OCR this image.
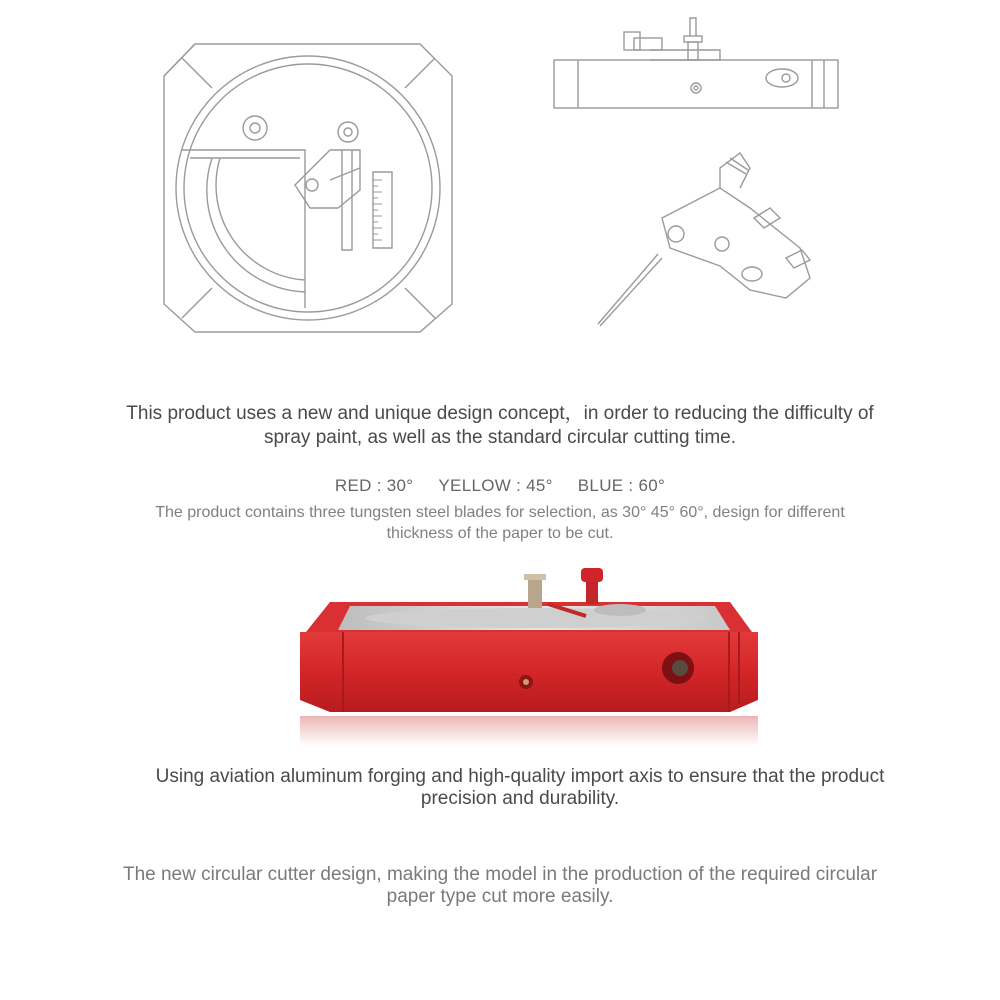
This product uses a new and unique design concept，in order to reducing the difficulty of
spray paint, as well as the standard circular cutting time.
RED : 30° YELLOW : 45° BLUE : 60°
The product contains three tungsten steel blades for selection, as 30° 45° 60°, design for different
thickness of the paper to be cut.
Using aviation aluminum forging and high-quality import axis to ensure that the product
precision and durability.
The new circular cutter design, making the model in the production of the required circular
paper type cut more easily.
